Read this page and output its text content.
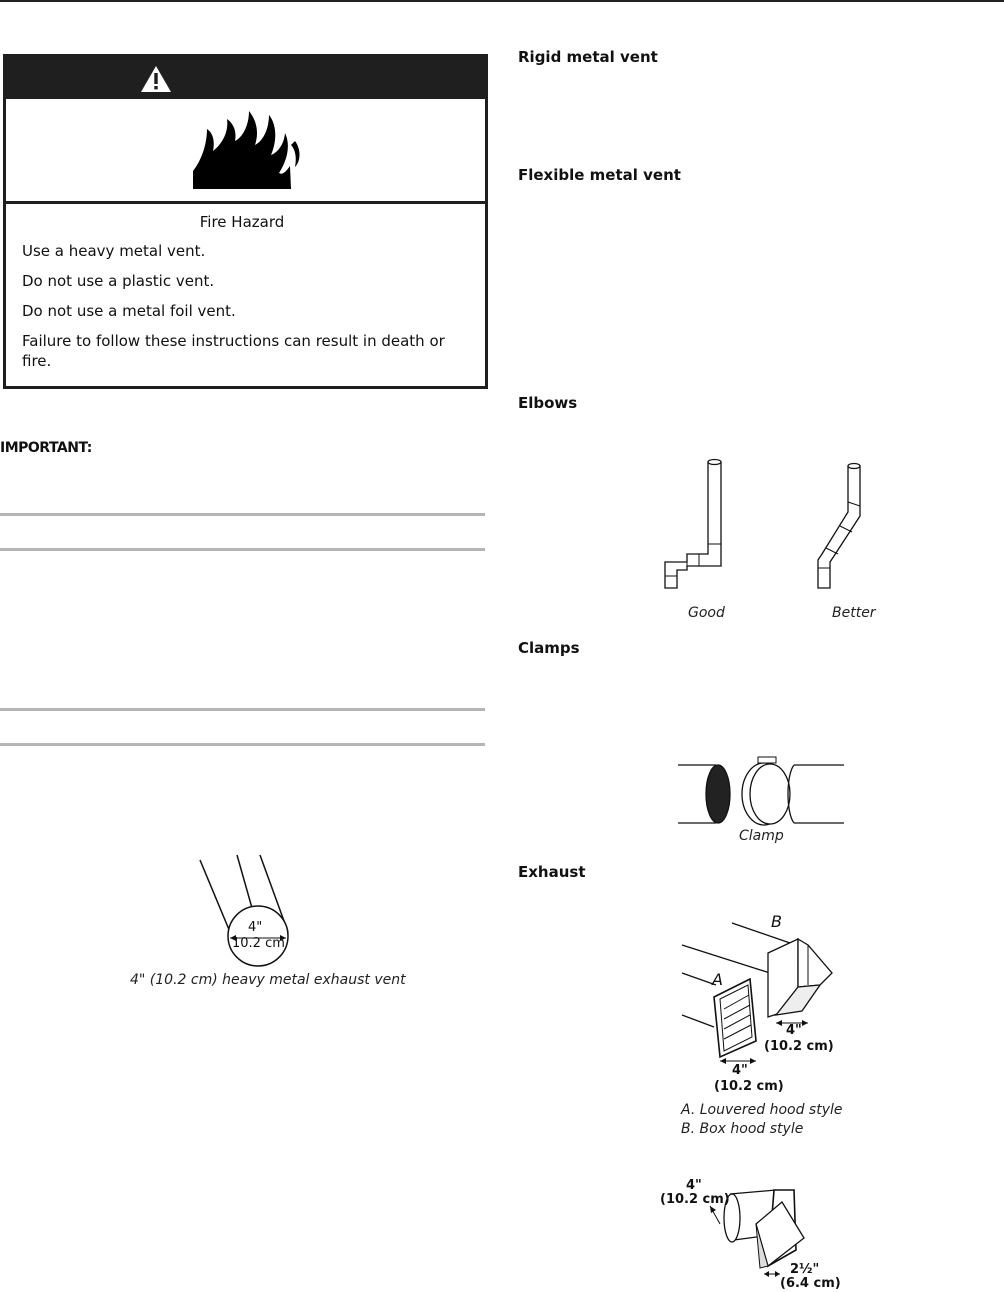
Fire Hazard

Use a heavy metal vent.

Do not use a plastic vent.

Do not use a metal foil vent.

Failure to follow these instructions can result in death or fire.

IMPORTANT:
4"
10.2 cm
4" (10.2 cm) heavy metal exhaust vent
Rigid metal vent
Flexible metal vent
Elbows
Clamps
Exhaust
Good	Better
Clamp
B
A
4"
(10.2 cm)
4"
(10.2 cm)
A. Louvered hood style
B. Box hood style
4"
(10.2 cm)
2½"
(6.4 cm)
